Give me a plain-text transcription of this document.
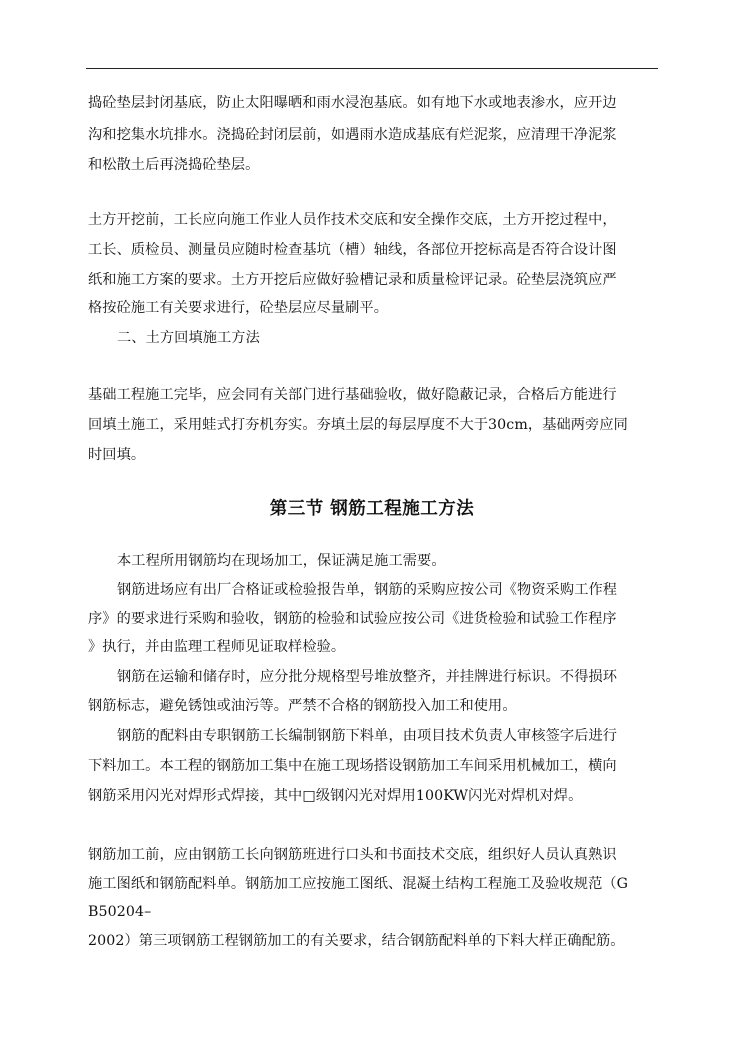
捣砼垫层封闭基底，防止太阳曝晒和雨水浸泡基底。如有地下水或地表渗水，应开边
沟和挖集水坑排水。浇捣砼封闭层前，如遇雨水造成基底有烂泥浆，应清理干净泥浆
和松散土后再浇捣砼垫层。
土方开挖前，工长应向施工作业人员作技术交底和安全操作交底，土方开挖过程中，
工长、质检员、测量员应随时检查基坑（槽）轴线，各部位开挖标高是否符合设计图
纸和施工方案的要求。土方开挖后应做好验槽记录和质量检评记录。砼垫层浇筑应严
格按砼施工有关要求进行，砼垫层应尽量刷平。
二、土方回填施工方法
基础工程施工完毕，应会同有关部门进行基础验收，做好隐蔽记录，合格后方能进行
回填土施工，采用蛙式打夯机夯实。夯填土层的每层厚度不大于30cm，基础两旁应同
时回填。
第三节 钢筋工程施工方法
本工程所用钢筋均在现场加工，保证满足施工需要。
钢筋进场应有出厂合格证或检验报告单，钢筋的采购应按公司《物资采购工作程
序》的要求进行采购和验收，钢筋的检验和试验应按公司《进货检验和试验工作程序
》执行，并由监理工程师见证取样检验。
钢筋在运输和储存时，应分批分规格型号堆放整齐，并挂牌进行标识。不得损环
钢筋标志，避免锈蚀或油污等。严禁不合格的钢筋投入加工和使用。
钢筋的配料由专职钢筋工长编制钢筋下料单，由项目技术负责人审核签字后进行
下料加工。本工程的钢筋加工集中在施工现场搭设钢筋加工车间采用机械加工，横向
钢筋采用闪光对焊形式焊接，其中□级钢闪光对焊用100KW闪光对焊机对焊。
钢筋加工前，应由钢筋工长向钢筋班进行口头和书面技术交底，组织好人员认真熟识
施工图纸和钢筋配料单。钢筋加工应按施工图纸、混凝土结构工程施工及验收规范（G
B50204–
2002）第三项钢筋工程钢筋加工的有关要求，结合钢筋配料单的下料大样正确配筋。
